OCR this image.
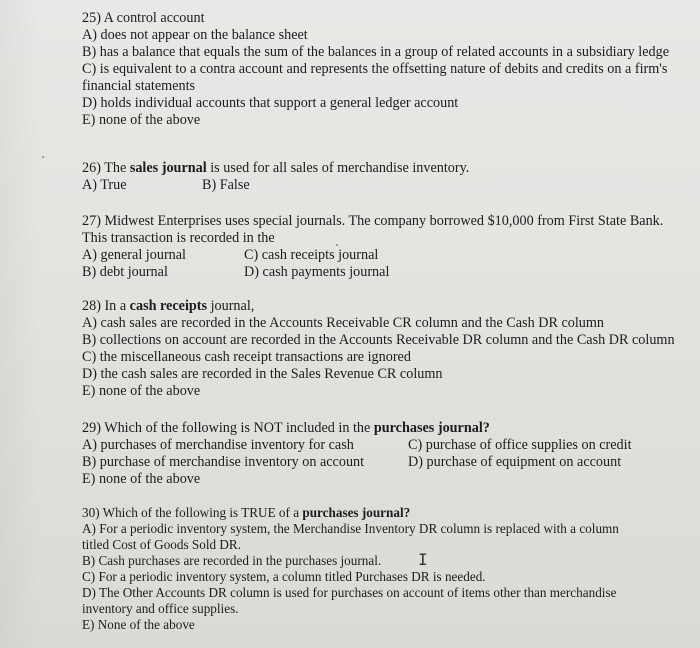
25) A control account
A) does not appear on the balance sheet
B) has a balance that equals the sum of the balances in a group of related accounts in a subsidiary ledge
C) is equivalent to a contra account and represents the offsetting nature of debits and credits on a firm's
financial statements
D) holds individual accounts that support a general ledger account
E) none of the above
26) The sales journal is used for all sales of merchandise inventory.
A) True	B) False
27) Midwest Enterprises uses special journals. The company borrowed $10,000 from First State Bank.
This transaction is recorded in the
A) general journal	C) cash receipts journal
B) debt journal	D) cash payments journal
28) In a cash receipts journal,
A) cash sales are recorded in the Accounts Receivable CR column and the Cash DR column
B) collections on account are recorded in the Accounts Receivable DR column and the Cash DR column
C) the miscellaneous cash receipt transactions are ignored
D) the cash sales are recorded in the Sales Revenue CR column
E) none of the above
29) Which of the following is NOT included in the purchases journal?
A) purchases of merchandise inventory for cash	C) purchase of office supplies on credit
B) purchase of merchandise inventory on account	D) purchase of equipment on account
E) none of the above
30) Which of the following is TRUE of a purchases journal?
A) For a periodic inventory system, the Merchandise Inventory DR column is replaced with a column
titled Cost of Goods Sold DR.
B) Cash purchases are recorded in the purchases journal.
C) For a periodic inventory system, a column titled Purchases DR is needed.
D) The Other Accounts DR column is used for purchases on account of items other than merchandise
inventory and office supplies.
E) None of the above
I
